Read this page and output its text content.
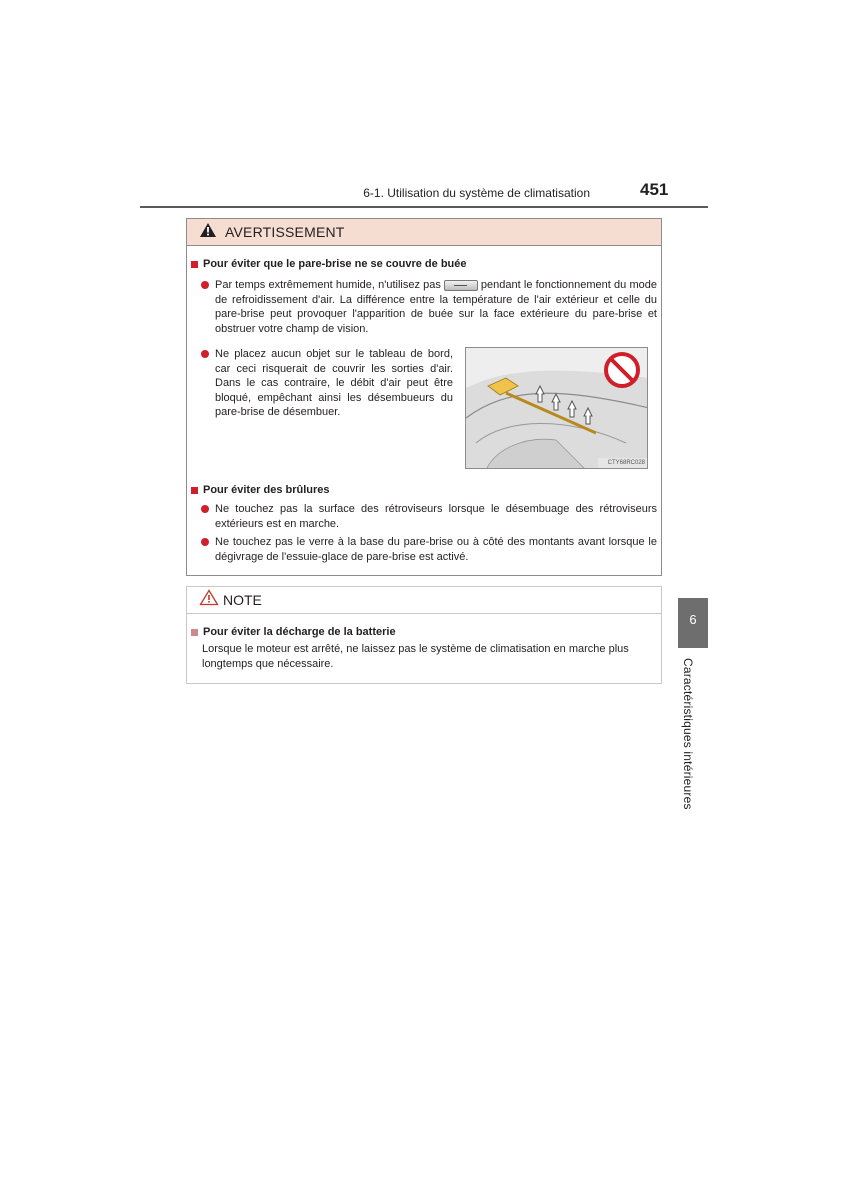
6-1. Utilisation du système de climatisation	451
AVERTISSEMENT
Pour éviter que le pare-brise ne se couvre de buée
Par temps extrêmement humide, n'utilisez pas	pendant le fonctionnement du mode de refroidissement d'air. La différence entre la température de l'air extérieur et celle du pare-brise peut provoquer l'apparition de buée sur la face extérieure du pare-brise et obstruer votre champ de vision.
Ne placez aucun objet sur le tableau de bord, car ceci risquerait de couvrir les sorties d'air. Dans le cas contraire, le débit d'air peut être bloqué, empêchant ainsi les désembueurs du pare-brise de désembuer.
CTY68RC028
Pour éviter des brûlures
Ne touchez pas la surface des rétroviseurs lorsque le désembuage des rétroviseurs extérieurs est en marche.
Ne touchez pas le verre à la base du pare-brise ou à côté des montants avant lorsque le dégivrage de l'essuie-glace de pare-brise est activé.
NOTE
Pour éviter la décharge de la batterie
Lorsque le moteur est arrêté, ne laissez pas le système de climatisation en marche plus longtemps que nécessaire.
6
Caractéristiques intérieures
